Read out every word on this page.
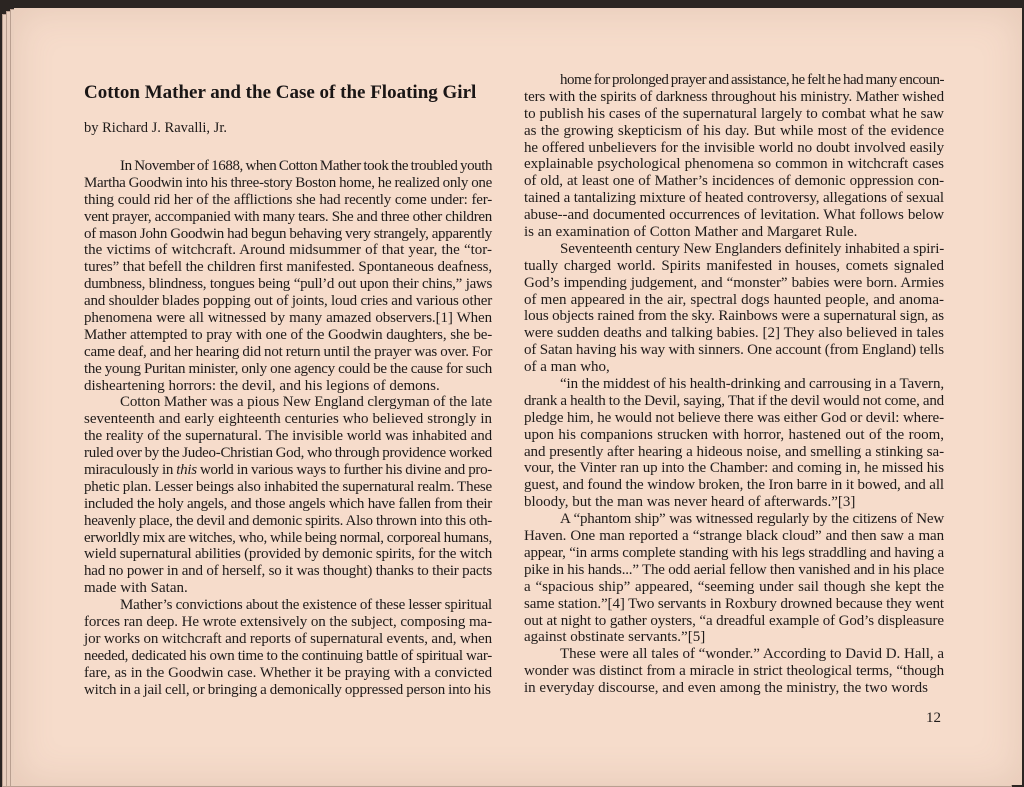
Cotton Mather and the Case of the Floating Girl
by Richard J. Ravalli, Jr.
In November of 1688, when Cotton Mather took the troubled youth
Martha Goodwin into his three-story Boston home, he realized only one
thing could rid her of the afflictions she had recently come under: fer-
vent prayer, accompanied with many tears. She and three other children
of mason John Goodwin had begun behaving very strangely, apparently
the victims of witchcraft. Around midsummer of that year, the “tor-
tures” that befell the children first manifested. Spontaneous deafness,
dumbness, blindness, tongues being “pull’d out upon their chins,” jaws
and shoulder blades popping out of joints, loud cries and various other
phenomena were all witnessed by many amazed observers.[1] When
Mather attempted to pray with one of the Goodwin daughters, she be-
came deaf, and her hearing did not return until the prayer was over. For
the young Puritan minister, only one agency could be the cause for such
disheartening horrors: the devil, and his legions of demons.
Cotton Mather was a pious New England clergyman of the late
seventeenth and early eighteenth centuries who believed strongly in
the reality of the supernatural. The invisible world was inhabited and
ruled over by the Judeo-Christian God, who through providence worked
miraculously in this world in various ways to further his divine and pro-
phetic plan. Lesser beings also inhabited the supernatural realm. These
included the holy angels, and those angels which have fallen from their
heavenly place, the devil and demonic spirits. Also thrown into this oth-
erworldly mix are witches, who, while being normal, corporeal humans,
wield supernatural abilities (provided by demonic spirits, for the witch
had no power in and of herself, so it was thought) thanks to their pacts
made with Satan.
Mather’s convictions about the existence of these lesser spiritual
forces ran deep. He wrote extensively on the subject, composing ma-
jor works on witchcraft and reports of supernatural events, and, when
needed, dedicated his own time to the continuing battle of spiritual war-
fare, as in the Goodwin case. Whether it be praying with a convicted
witch in a jail cell, or bringing a demonically oppressed person into his
home for prolonged prayer and assistance, he felt he had many encoun-
ters with the spirits of darkness throughout his ministry. Mather wished
to publish his cases of the supernatural largely to combat what he saw
as the growing skepticism of his day. But while most of the evidence
he offered unbelievers for the invisible world no doubt involved easily
explainable psychological phenomena so common in witchcraft cases
of old, at least one of Mather’s incidences of demonic oppression con-
tained a tantalizing mixture of heated controversy, allegations of sexual
abuse--and documented occurrences of levitation. What follows below
is an examination of Cotton Mather and Margaret Rule.
Seventeenth century New Englanders definitely inhabited a spiri-
tually charged world. Spirits manifested in houses, comets signaled
God’s impending judgement, and “monster” babies were born. Armies
of men appeared in the air, spectral dogs haunted people, and anoma-
lous objects rained from the sky. Rainbows were a supernatural sign, as
were sudden deaths and talking babies. [2] They also believed in tales
of Satan having his way with sinners. One account (from England) tells
of a man who,
“in the middest of his health-drinking and carrousing in a Tavern,
drank a health to the Devil, saying, That if the devil would not come, and
pledge him, he would not believe there was either God or devil: where-
upon his companions strucken with horror, hastened out of the room,
and presently after hearing a hideous noise, and smelling a stinking sa-
vour, the Vinter ran up into the Chamber: and coming in, he missed his
guest, and found the window broken, the Iron barre in it bowed, and all
bloody, but the man was never heard of afterwards.”[3]
A “phantom ship” was witnessed regularly by the citizens of New
Haven. One man reported a “strange black cloud” and then saw a man
appear, “in arms complete standing with his legs straddling and having a
pike in his hands...” The odd aerial fellow then vanished and in his place
a “spacious ship” appeared, “seeming under sail though she kept the
same station.”[4] Two servants in Roxbury drowned because they went
out at night to gather oysters, “a dreadful example of God’s displeasure
against obstinate servants.”[5]
These were all tales of “wonder.” According to David D. Hall, a
wonder was distinct from a miracle in strict theological terms, “though
in everyday discourse, and even among the ministry, the two words
12
